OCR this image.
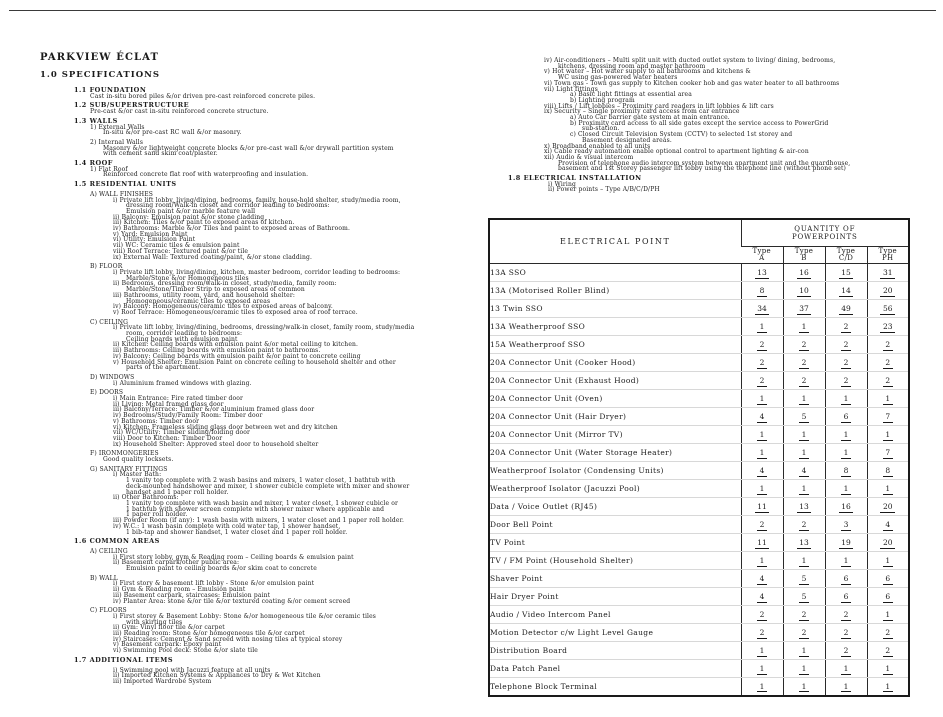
PARKVIEW ÉCLAT
1.0 SPECIFICATIONS
1.1 FOUNDATION
Cast in-situ bored piles &/or driven pre-cast reinforced concrete piles.
1.2 SUB/SUPERSTRUCTURE
Pre-cast &/or cast in-situ reinforced concrete structure.
1.3 WALLS
1) External Walls
In-situ &/or pre-cast RC wall &/or masonry.
2) Internal Walls
Masonry &/or lightweight concrete blocks &/or pre-cast wall &/or drywall partition system
with cement sand skim coat/plaster.
1.4 ROOF
1) Flat Roof
Reinforced concrete flat roof with waterproofing and insulation.
1.5 RESIDENTIAL UNITS
A) WALL FINISHES
i) Private lift lobby, living/dining, bedrooms, family, house-hold shelter, study/media room,
dressing room/Walk-in closet and corridor leading to bedrooms:
Emulsion paint &/or marble feature wall
ii) Balcony: Emulsion paint &/or stone cladding
iii) Kitchen: Tiles &/or paint to exposed areas of kitchen.
iv) Bathrooms: Marble &/or Tiles and paint to exposed areas of Bathroom.
v) Yard: Emulsion Paint
vi) Utility: Emulsion Paint
vii) WC: Ceramic tiles & emulsion paint
viii) Roof Terrace: Textured paint &/or tile
ix) External Wall: Textured coating/paint, &/or stone cladding.
B) FLOOR
i) Private lift lobby, living/dining, kitchen, master bedroom, corridor leading to bedrooms:
Marble/Stone &/or Homogeneous tiles
ii) Bedrooms, dressing room/walk-in closet, study/media, family room:
Marble/Stone/Timber Strip to exposed areas of common
iii) Bathrooms, utility room, yard, and household shelter:
Homogeneous/ceramic tiles to exposed areas
iv) Balcony: Homogeneous/ceramic tiles to exposed areas of balcony.
v) Roof Terrace: Homogeneous/ceramic tiles to exposed area of roof terrace.
C) CEILING
i) Private lift lobby, living/dining, bedrooms, dressing/walk-in closet, family room, study/media
room, corridor leading to bedrooms:
Ceiling boards with emulsion paint
ii) Kitchen: Ceiling boards with emulsion paint &/or metal ceiling to kitchen.
iii) Bathrooms: Ceiling boards with emulsion paint to bathrooms.
iv) Balcony: Ceiling boards with emulsion paint &/or paint to concrete ceiling
v) Household Shelter: Emulsion Paint on concrete ceiling to household shelter and other
parts of the apartment.
D) WINDOWS
i) Aluminium framed windows with glazing.
E) DOORS
i) Main Entrance: Fire rated timber door
ii) Living: Metal framed glass door
iii) Balcony/Terrace: Timber &/or aluminium framed glass door
iv) Bedrooms/Study/Family Room: Timber door
v) Bathrooms: Timber door
vi) Kitchen: Frameless sliding glass door between wet and dry kitchen
vii) WC/Utility: Timber sliding/folding door
viii) Door to Kitchen: Timber Door
ix) Household Shelter: Approved steel door to household shelter
F) IRONMONGERIES
Good quality locksets.
G) SANITARY FITTINGS
i) Master Bath:
1 vanity top complete with 2 wash basins and mixers, 1 water closet, 1 bathtub with
deck-mounted handshower and mixer, 1 shower cubicle complete with mixer and shower
handset and 1 paper roll holder.
ii) Other Bathrooms:
1 vanity top complete with wash basin and mixer, 1 water closet, 1 shower cubicle or
1 bathtub with shower screen complete with shower mixer where applicable and
1 paper roll holder.
iii) Powder Room (if any): 1 wash basin with mixers, 1 water closet and 1 paper roll holder.
iv) W.C.: 1 wash basin complete with cold water tap, 1 shower handset,
1 bib-tap and shower handset, 1 water closet and 1 paper roll holder.
1.6 COMMON AREAS
A) CEILING
i) First story lobby, gym & Reading room – Ceiling boards & emulsion paint
ii) Basement carpark/other public area:
Emulsion paint to ceiling boards &/or skim coat to concrete
B) WALL
i) First story & basement lift lobby - Stone &/or emulsion paint
ii) Gym & Reading room – Emulsion paint
iii) Basement carpark, staircases: Emulsion paint
iv) Planter Area: stone &/or tile &/or textured coating &/or cement screed
C) FLOORS
i) First storey & Basement Lobby: Stone &/or homogeneous tile &/or ceramic tiles
with skirting tiles
ii) Gym: Vinyl floor tile &/or carpet
iii) Reading room: Stone &/or homogeneous tile &/or carpet
iv) Staircases: Cement & Sand screed with nosing tiles at typical storey
v) Basement carpark: Epoxy paint
vi) Swimming Pool deck: Stone &/or slate tile
1.7 ADDITIONAL ITEMS
i) Swimming pool with Jacuzzi feature at all units
ii) Imported Kitchen Systems & Appliances to Dry & Wet Kitchen
iii) Imported Wardrobe System
iv) Air-conditioners – Multi split unit with ducted outlet system to living/ dining, bedrooms,
kitchens, dressing room and master bathroom
v) Hot water – Hot water supply to all bathrooms and kitchens &
WC using gas-powered water heaters
vi) Town gas - Town gas supply to Kitchen cooker hob and gas water heater to all bathrooms
vii) Light fittings
a) Basic light fittings at essential area
b) Lighting program
viii) Lifts / Lift lobbies – Proximity card readers in lift lobbies & lift cars
ix) Security – Single proximity card access from car entrance
a) Auto Car barrier gate system at main entrance.
b) Proximity card access to all side gates except the service access to PowerGrid
sub-station.
c) Closed Circuit Television System (CCTV) to selected 1st storey and
Basement designated areas.
x) Broadband enabled to all units
xi) Cable ready automation enable optional control to apartment lighting & air-con
xii) Audio & visual intercom
Provision of telephone audio intercom system between apartment unit and the guardhouse,
basement and 1st Storey passenger lift lobby using the telephone line (without phone set)
1.8 ELECTRICAL INSTALLATION
i) Wiring
ii) Power points – Type A/B/C/D/PH
ELECTRICAL POINT	QUANTITY OF
POWERPOINTS			
	Type
A	Type
B	Type
C/D	Type
PH
13A SSO	13	16	15	31
13A (Motorised Roller Blind)	8	10	14	20
13 Twin SSO	34	37	49	56
13A Weatherproof SSO	1	1	2	23
15A Weatherproof SSO	2	2	2	2
20A Connector Unit (Cooker Hood)	2	2	2	2
20A Connector Unit (Exhaust Hood)	2	2	2	2
20A Connector Unit (Oven)	1	1	1	1
20A Connector Unit (Hair Dryer)	4	5	6	7
20A Connector Unit (Mirror TV)	1	1	1	1
20A Connector Unit (Water Storage Heater)	1	1	1	7
Weatherproof Isolator (Condensing Units)	4	4	8	8
Weatherproof Isolator (Jacuzzi Pool)	1	1	1	1
Data / Voice Outlet (RJ45)	11	13	16	20
Door Bell Point	2	2	3	4
TV Point	11	13	19	20
TV / FM Point (Household Shelter)	1	1	1	1
Shaver Point	4	5	6	6
Hair Dryer Point	4	5	6	6
Audio / Video Intercom Panel	2	2	2	1
Motion Detector c/w Light Level Gauge	2	2	2	2
Distribution Board	1	1	2	2
Data Patch Panel	1	1	1	1
Telephone Block Terminal	1	1	1	1
